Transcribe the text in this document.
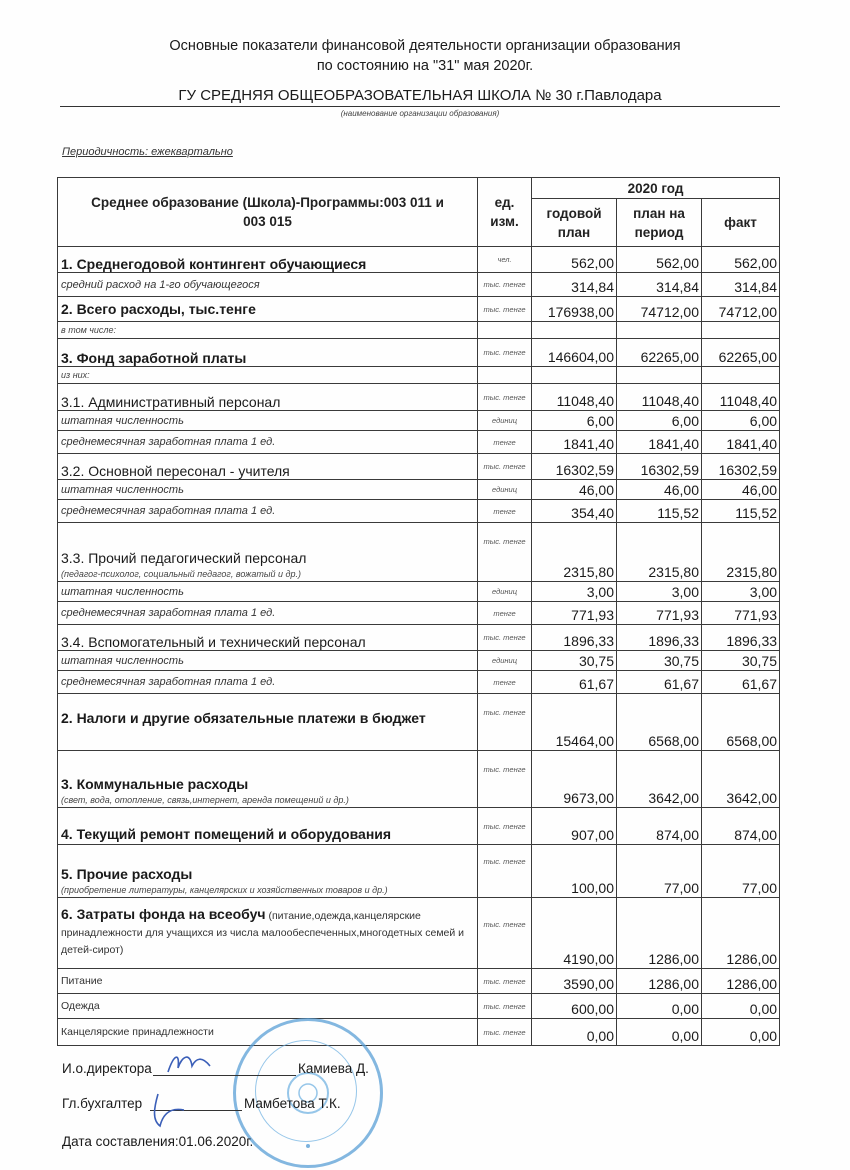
Основные показатели финансовой деятельности организации образования
по состоянию на "31" мая 2020г.
ГУ СРЕДНЯЯ ОБЩЕОБРАЗОВАТЕЛЬНАЯ ШКОЛА № 30 г.Павлодара
(наименование организации образования)
Периодичность: ежеквартально
Среднее образование (Школа)-Программы:003 011 и 003 015	ед. изм.	2020 год		
		годовой план	план на период	факт
1. Среднегодовой контингент обучающиеся	чел.	562,00	562,00	562,00
средний расход на 1-го обучающегося	тыс. тенге	314,84	314,84	314,84
2. Всего расходы, тыс.тенге	тыс. тенге	176938,00	74712,00	74712,00
в том числе:				
3. Фонд заработной платы	тыс. тенге	146604,00	62265,00	62265,00
из них:				
3.1. Административный персонал	тыс. тенге	11048,40	11048,40	11048,40
штатная численность	единиц	6,00	6,00	6,00
среднемесячная заработная плата 1 ед.	тенге	1841,40	1841,40	1841,40
3.2. Основной пересонал - учителя	тыс. тенге	16302,59	16302,59	16302,59
штатная численность	единиц	46,00	46,00	46,00
среднемесячная заработная плата 1 ед.	тенге	354,40	115,52	115,52
3.3. Прочий педагогический персонал
(педагог-психолог, социальный педагог, вожатый и др.)	тыс. тенге	2315,80	2315,80	2315,80
штатная численность	единиц	3,00	3,00	3,00
среднемесячная заработная плата 1 ед.	тенге	771,93	771,93	771,93
3.4. Вспомогательный и технический персонал	тыс. тенге	1896,33	1896,33	1896,33
штатная численность	единиц	30,75	30,75	30,75
среднемесячная заработная плата 1 ед.	тенге	61,67	61,67	61,67
2. Налоги и другие обязательные платежи в бюджет	тыс. тенге	15464,00	6568,00	6568,00
3. Коммунальные расходы
(свет, вода, отопление, связь,интернет, арендa помещений и др.)	тыс. тенге	9673,00	3642,00	3642,00
4. Текущий ремонт помещений и оборудования	тыс. тенге	907,00	874,00	874,00
5. Прочие расходы
(приобретение литературы, канцелярских и хозяйственных товаров и др.)	тыс. тенге	100,00	77,00	77,00
6. Затраты фонда на всеобуч (питание,одежда,канцелярские принадлежности для учащихся из числа малообеспеченных,многодетных семей и детей-сирот)	тыс. тенге	4190,00	1286,00	1286,00
Питание	тыс. тенге	3590,00	1286,00	1286,00
Одежда	тыс. тенге	600,00	0,00	0,00
Канцелярские принадлежности	тыс. тенге	0,00	0,00	0,00
И.о.директора	Камиева Д.
Гл.бухгалтер	Мамбетова Т.К.
Дата составления:01.06.2020г.
